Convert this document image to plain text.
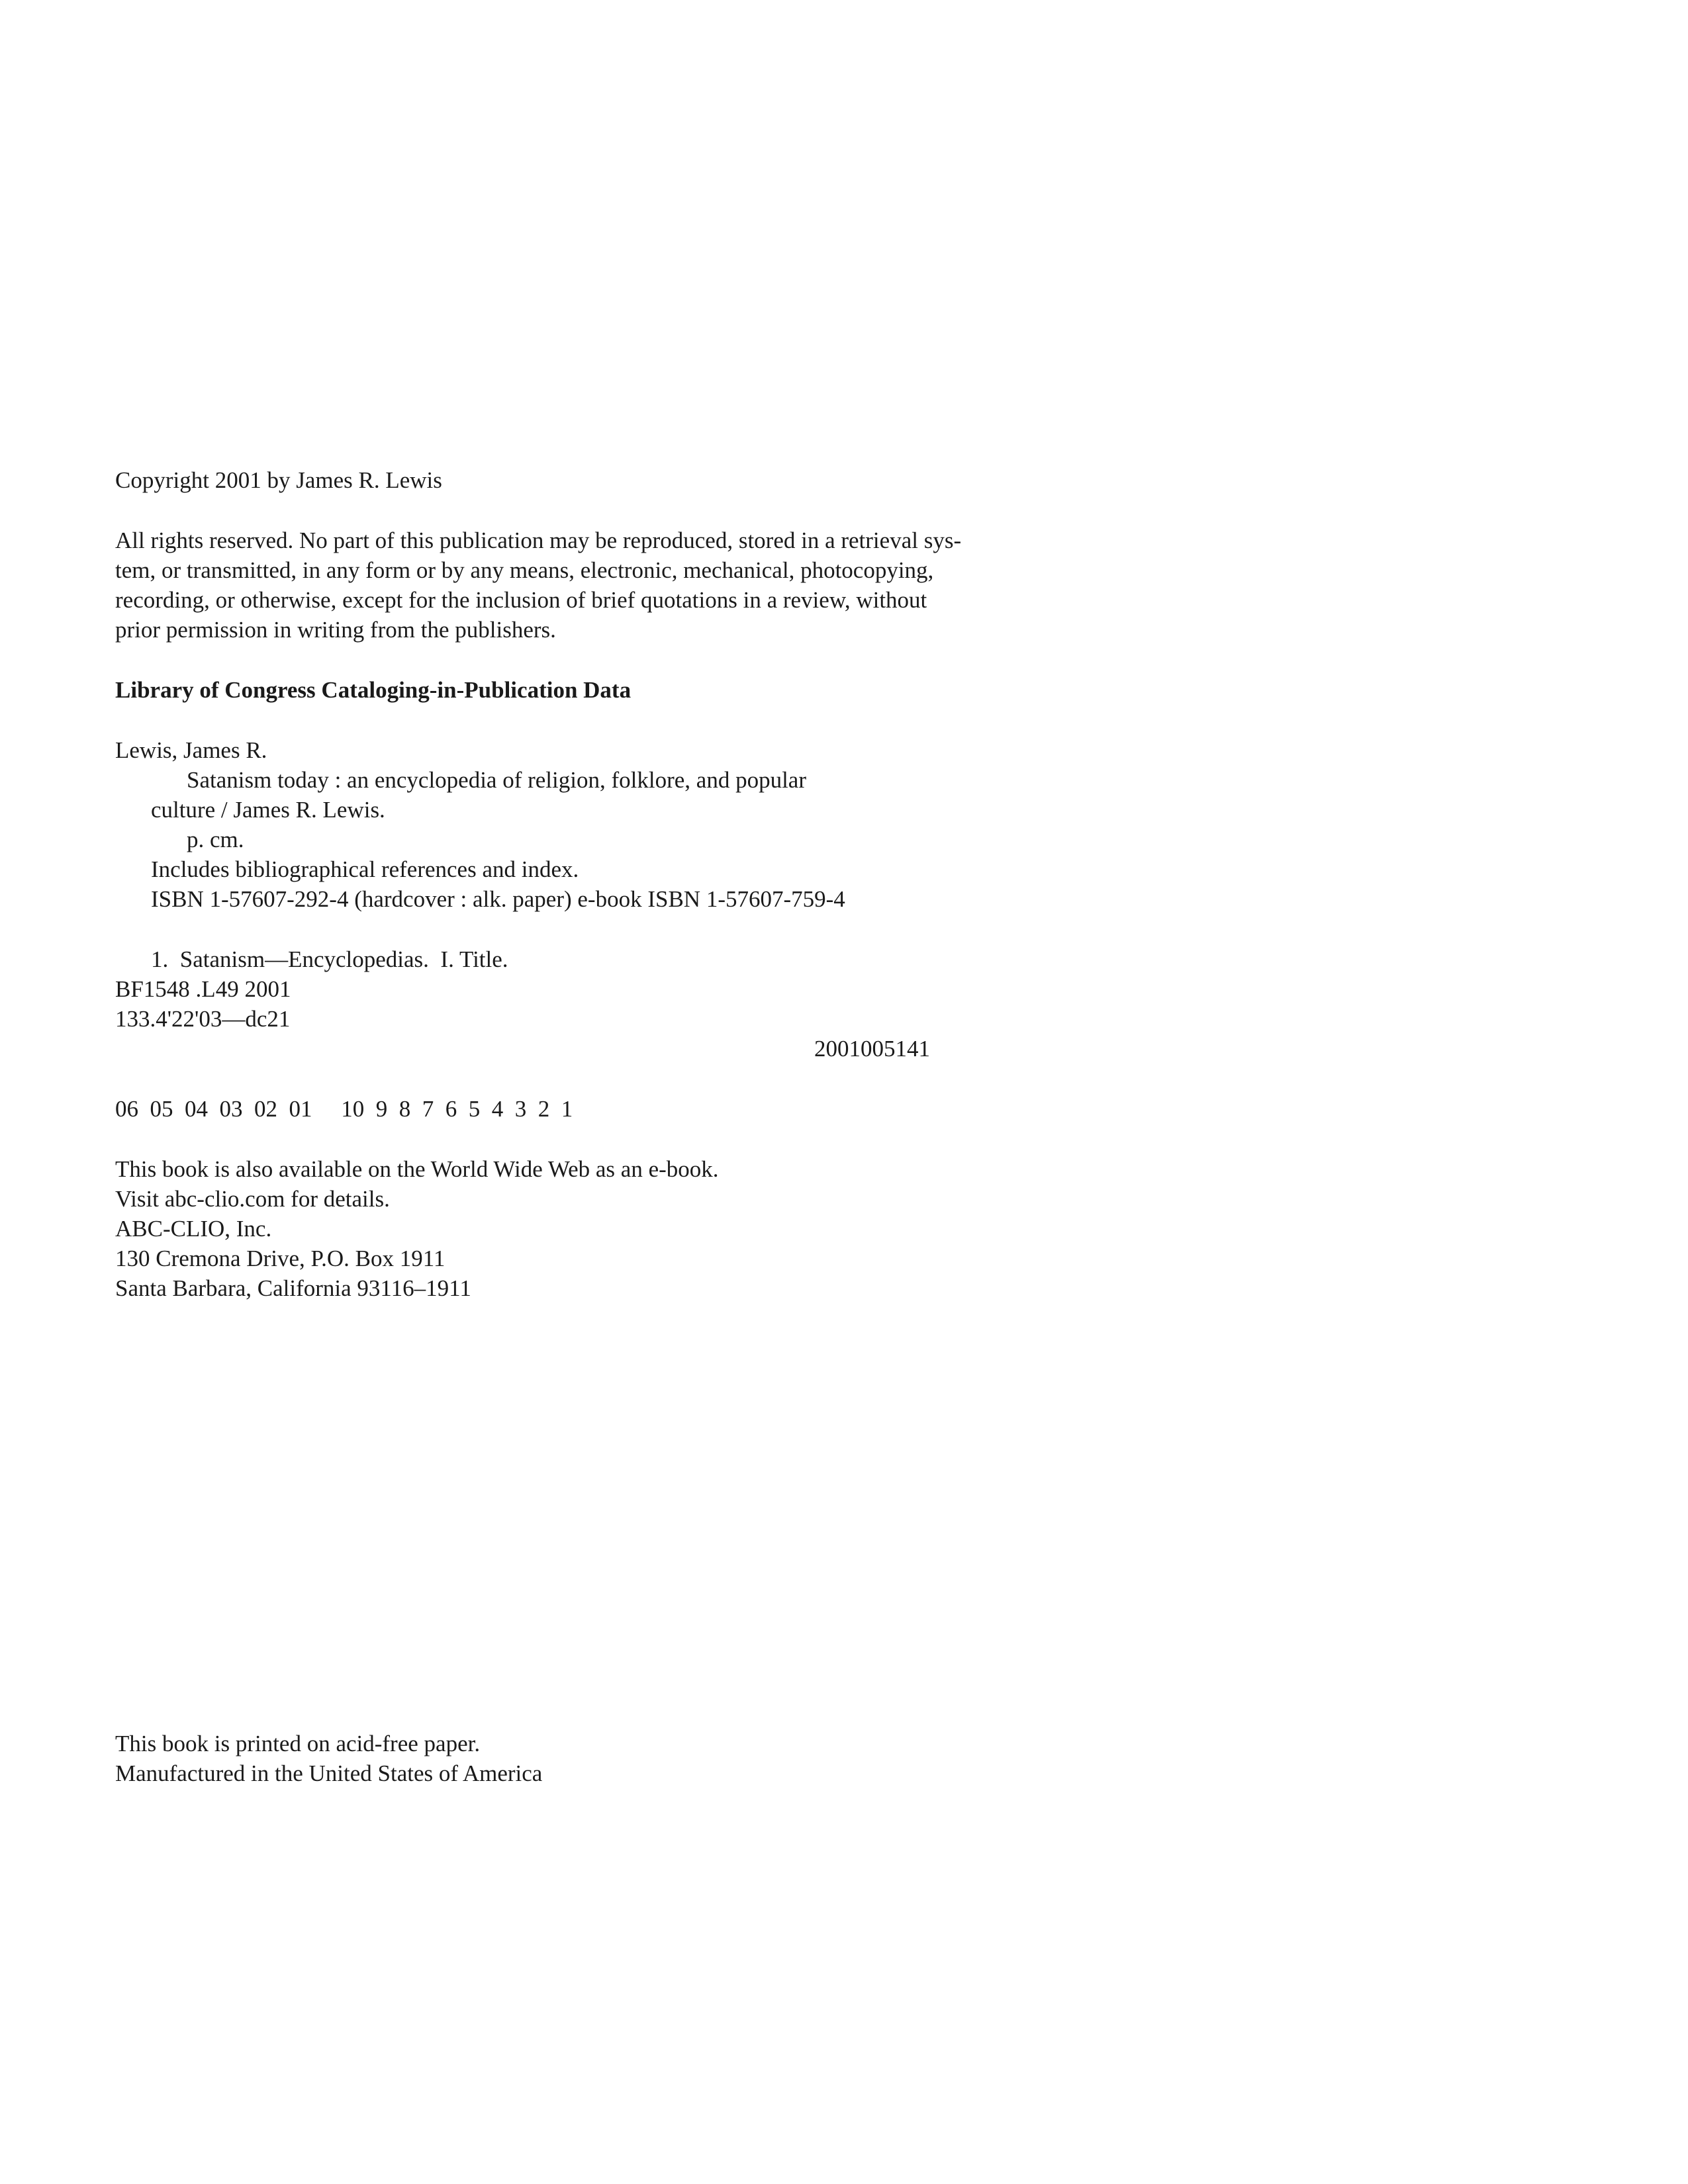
Copyright 2001 by James R. Lewis
All rights reserved. No part of this publication may be reproduced, stored in a retrieval sys-
tem, or transmitted, in any form or by any means, electronic, mechanical, photocopying,
recording, or otherwise, except for the inclusion of brief quotations in a review, without
prior permission in writing from the publishers.
Library of Congress Cataloging-in-Publication Data
Lewis, James R.
Satanism today : an encyclopedia of religion, folklore, and popular
culture / James R. Lewis.
p. cm.
Includes bibliographical references and index.
ISBN 1-57607-292-4 (hardcover : alk. paper) e-book ISBN 1-57607-759-4
1.  Satanism—Encyclopedias.  I. Title.
BF1548 .L49 2001
133.4'22'03—dc21
2001005141
06  05  04  03  02  01     10  9  8  7  6  5  4  3  2  1
This book is also available on the World Wide Web as an e-book.
Visit abc-clio.com for details.
ABC-CLIO, Inc.
130 Cremona Drive, P.O. Box 1911
Santa Barbara, California 93116–1911
This book is printed on acid-free paper.
Manufactured in the United States of America
